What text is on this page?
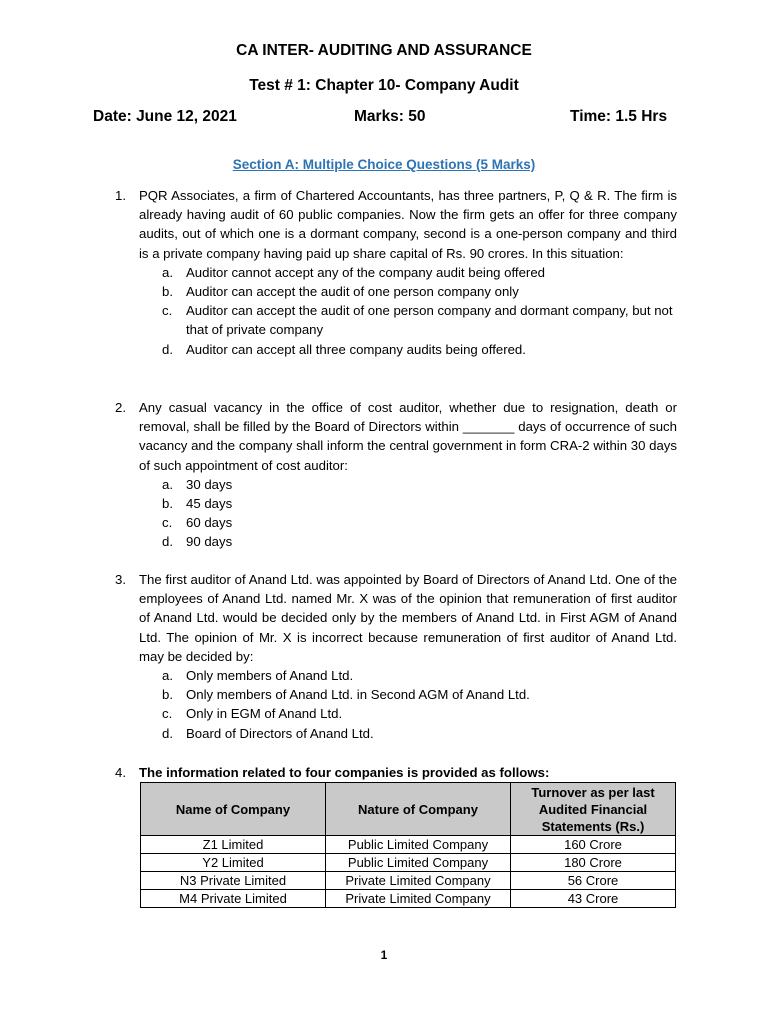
CA INTER- AUDITING AND ASSURANCE
Test # 1: Chapter 10- Company Audit
Date: June 12, 2021	Marks: 50	Time: 1.5 Hrs
Section A: Multiple Choice Questions (5 Marks)
1. PQR Associates, a firm of Chartered Accountants, has three partners, P, Q & R. The firm is already having audit of 60 public companies. Now the firm gets an offer for three company audits, out of which one is a dormant company, second is a one-person company and third is a private company having paid up share capital of Rs. 90 crores. In this situation:
a. Auditor cannot accept any of the company audit being offered
b. Auditor can accept the audit of one person company only
c. Auditor can accept the audit of one person company and dormant company, but not that of private company
d. Auditor can accept all three company audits being offered.
2. Any casual vacancy in the office of cost auditor, whether due to resignation, death or removal, shall be filled by the Board of Directors within _______ days of occurrence of such vacancy and the company shall inform the central government in form CRA-2 within 30 days of such appointment of cost auditor:
a. 30 days
b. 45 days
c. 60 days
d. 90 days
3. The first auditor of Anand Ltd. was appointed by Board of Directors of Anand Ltd. One of the employees of Anand Ltd. named Mr. X was of the opinion that remuneration of first auditor of Anand Ltd. would be decided only by the members of Anand Ltd. in First AGM of Anand Ltd. The opinion of Mr. X is incorrect because remuneration of first auditor of Anand Ltd. may be decided by:
a. Only members of Anand Ltd.
b. Only members of Anand Ltd. in Second AGM of Anand Ltd.
c. Only in EGM of Anand Ltd.
d. Board of Directors of Anand Ltd.
4. The information related to four companies is provided as follows:
Name of Company	Nature of Company	Turnover as per last Audited Financial Statements (Rs.)
Z1 Limited	Public Limited Company	160 Crore
Y2 Limited	Public Limited Company	180 Crore
N3 Private Limited	Private Limited Company	56 Crore
M4 Private Limited	Private Limited Company	43 Crore
1
